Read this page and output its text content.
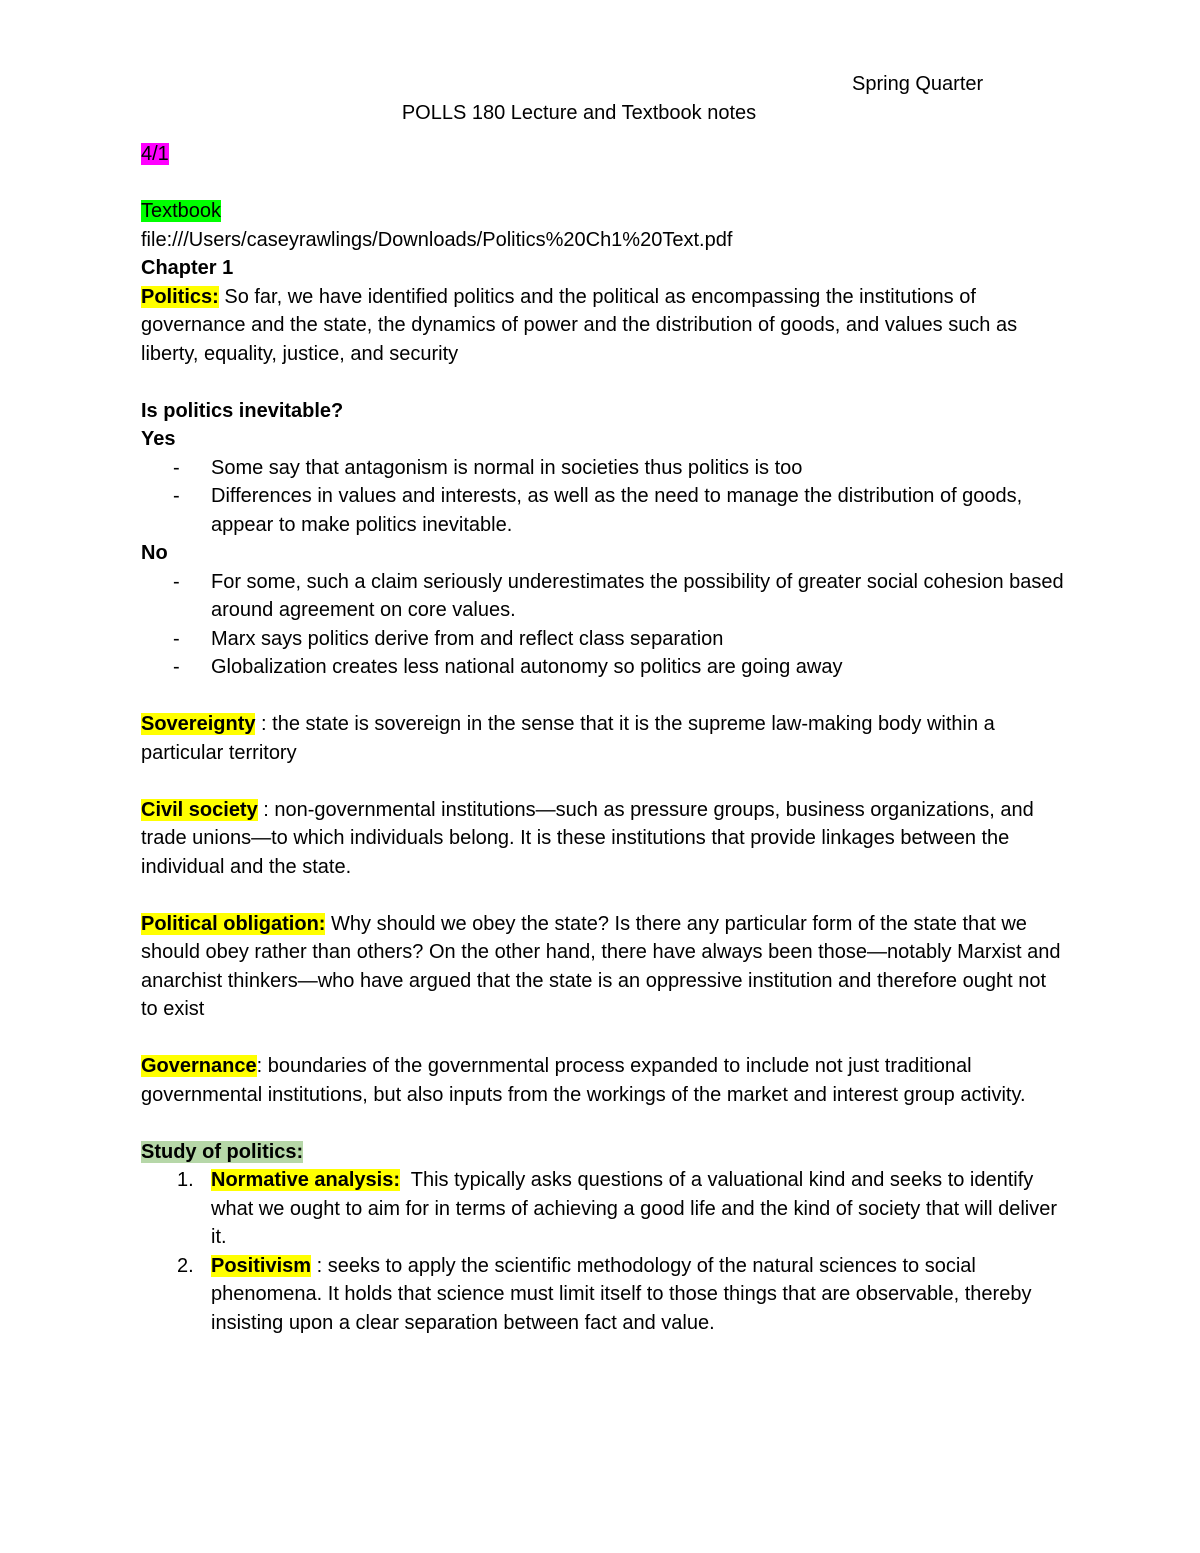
Spring Quarter
POLLS 180 Lecture and Textbook notes
4/1
Textbook
file:///Users/caseyrawlings/Downloads/Politics%20Ch1%20Text.pdf
Chapter 1
Politics: So far, we have identified politics and the political as encompassing the institutions of governance and the state, the dynamics of power and the distribution of goods, and values such as liberty, equality, justice, and security
Is politics inevitable?
Yes
- Some say that antagonism is normal in societies thus politics is too
- Differences in values and interests, as well as the need to manage the distribution of goods, appear to make politics inevitable.
No
- For some, such a claim seriously underestimates the possibility of greater social cohesion based around agreement on core values.
- Marx says politics derive from and reflect class separation
- Globalization creates less national autonomy so politics are going away
Sovereignty : the state is sovereign in the sense that it is the supreme law-making body within a particular territory
Civil society : non-governmental institutions—such as pressure groups, business organizations, and trade unions—to which individuals belong. It is these institutions that provide linkages between the individual and the state.
Political obligation: Why should we obey the state? Is there any particular form of the state that we should obey rather than others? On the other hand, there have always been those—notably Marxist and anarchist thinkers—who have argued that the state is an oppressive institution and therefore ought not to exist
Governance: boundaries of the governmental process expanded to include not just traditional governmental institutions, but also inputs from the workings of the market and interest group activity.
Study of politics:
1. Normative analysis:  This typically asks questions of a valuational kind and seeks to identify what we ought to aim for in terms of achieving a good life and the kind of society that will deliver it.
2. Positivism : seeks to apply the scientific methodology of the natural sciences to social phenomena. It holds that science must limit itself to those things that are observable, thereby insisting upon a clear separation between fact and value.
